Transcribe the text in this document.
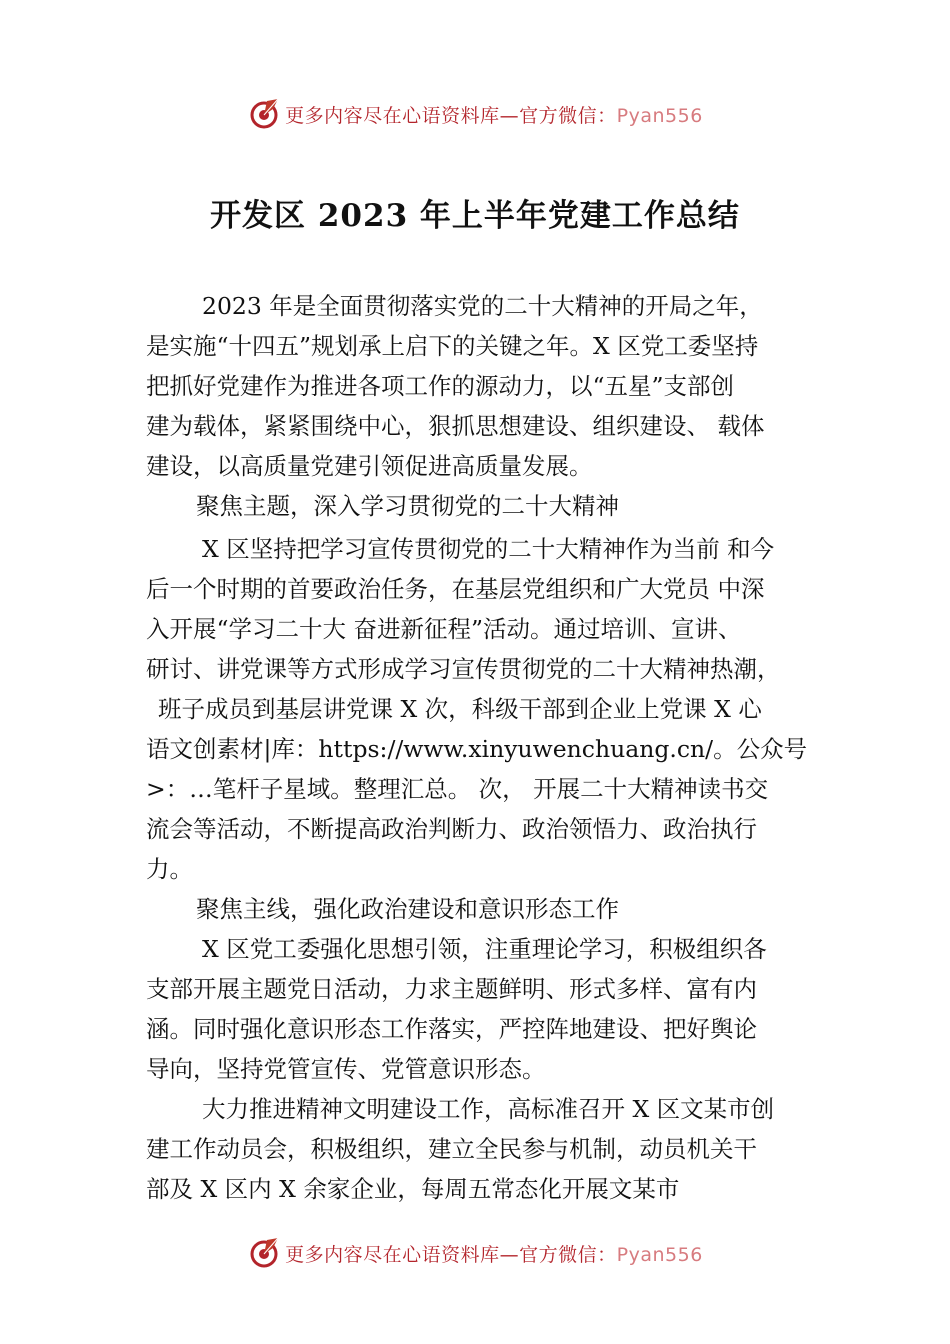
更多内容尽在心语资料库—官方微信：Pyan556
开发区 2023 年上半年党建工作总结

2023 年是全面贯彻落实党的二十大精神的开局之年，

是实施“十四五”规划承上启下的关键之年。X 区党工委坚持

把抓好党建作为推进各项工作的源动力，以“五星”支部创

建为载体，紧紧围绕中心，狠抓思想建设、组织建设、 载体

建设，以高质量党建引领促进高质量发展。

聚焦主题，深入学习贯彻党的二十大精神

X 区坚持把学习宣传贯彻党的二十大精神作为当前 和今

后一个时期的首要政治任务，在基层党组织和广大党员 中深

入开展“学习二十大 奋进新征程”活动。通过培训、宣讲、

研讨、讲党课等方式形成学习宣传贯彻党的二十大精神热潮，

班子成员到基层讲党课 X 次，科级干部到企业上党课 X 心

语文创素材|库：https://www.xinyuwenchuang.cn/。公众号

>：…笔杆子星域。整理汇总。 次， 开展二十大精神读书交

流会等活动，不断提高政治判断力、政治领悟力、政治执行

力。

聚焦主线，强化政治建设和意识形态工作

X 区党工委强化思想引领，注重理论学习，积极组织各

支部开展主题党日活动，力求主题鲜明、形式多样、富有内

涵。同时强化意识形态工作落实，严控阵地建设、把好舆论

导向，坚持党管宣传、党管意识形态。

大力推进精神文明建设工作，高标准召开 X 区文某市创

建工作动员会，积极组织，建立全民参与机制，动员机关干

部及 X 区内 X 余家企业，每周五常态化开展文某市

更多内容尽在心语资料库—官方微信：Pyan556
